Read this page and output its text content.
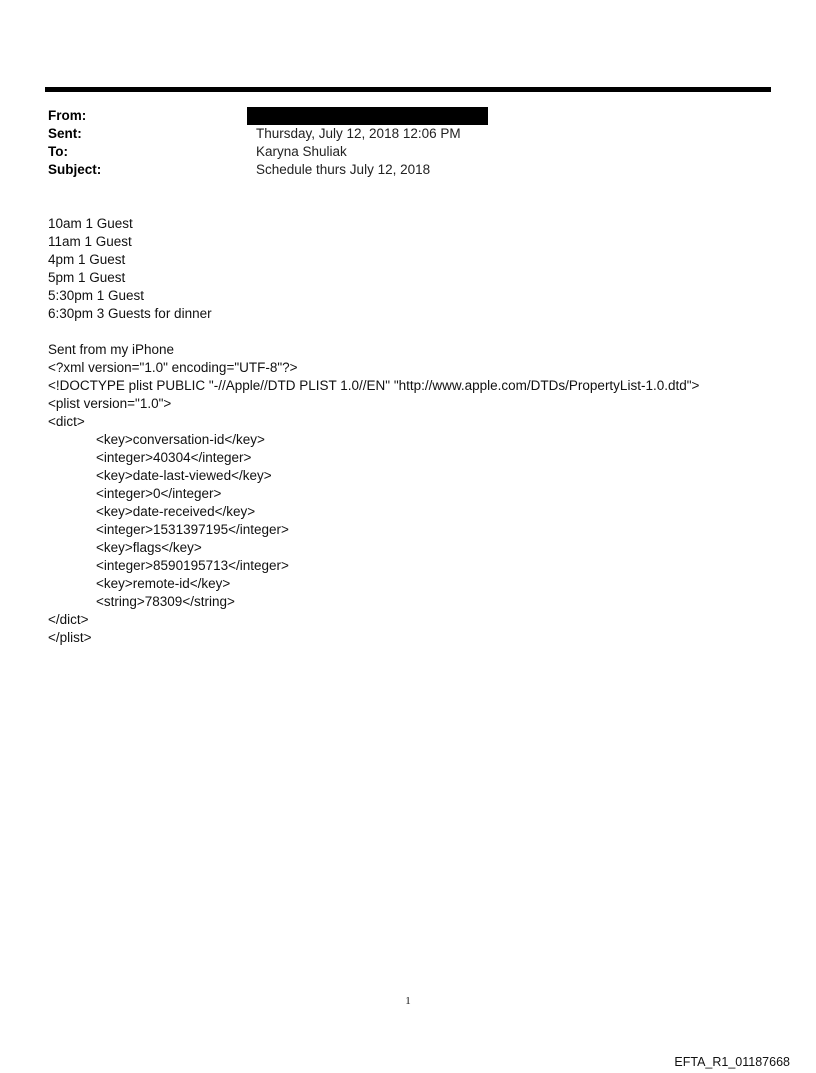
From:
Sent:	Thursday, July 12, 2018 12:06 PM
To:	Karyna Shuliak
Subject:	Schedule thurs July 12, 2018
10am 1 Guest
11am 1 Guest
4pm 1 Guest
5pm 1 Guest
5:30pm 1 Guest
6:30pm 3 Guests for dinner
Sent from my iPhone
<?xml version="1.0" encoding="UTF-8"?>
<!DOCTYPE plist PUBLIC "-//Apple//DTD PLIST 1.0//EN" "http://www.apple.com/DTDs/PropertyList-1.0.dtd">
<plist version="1.0">
<dict>
<key>conversation-id</key>
<integer>40304</integer>
<key>date-last-viewed</key>
<integer>0</integer>
<key>date-received</key>
<integer>1531397195</integer>
<key>flags</key>
<integer>8590195713</integer>
<key>remote-id</key>
<string>78309</string>
</dict>
</plist>
1
EFTA_R1_01187668
